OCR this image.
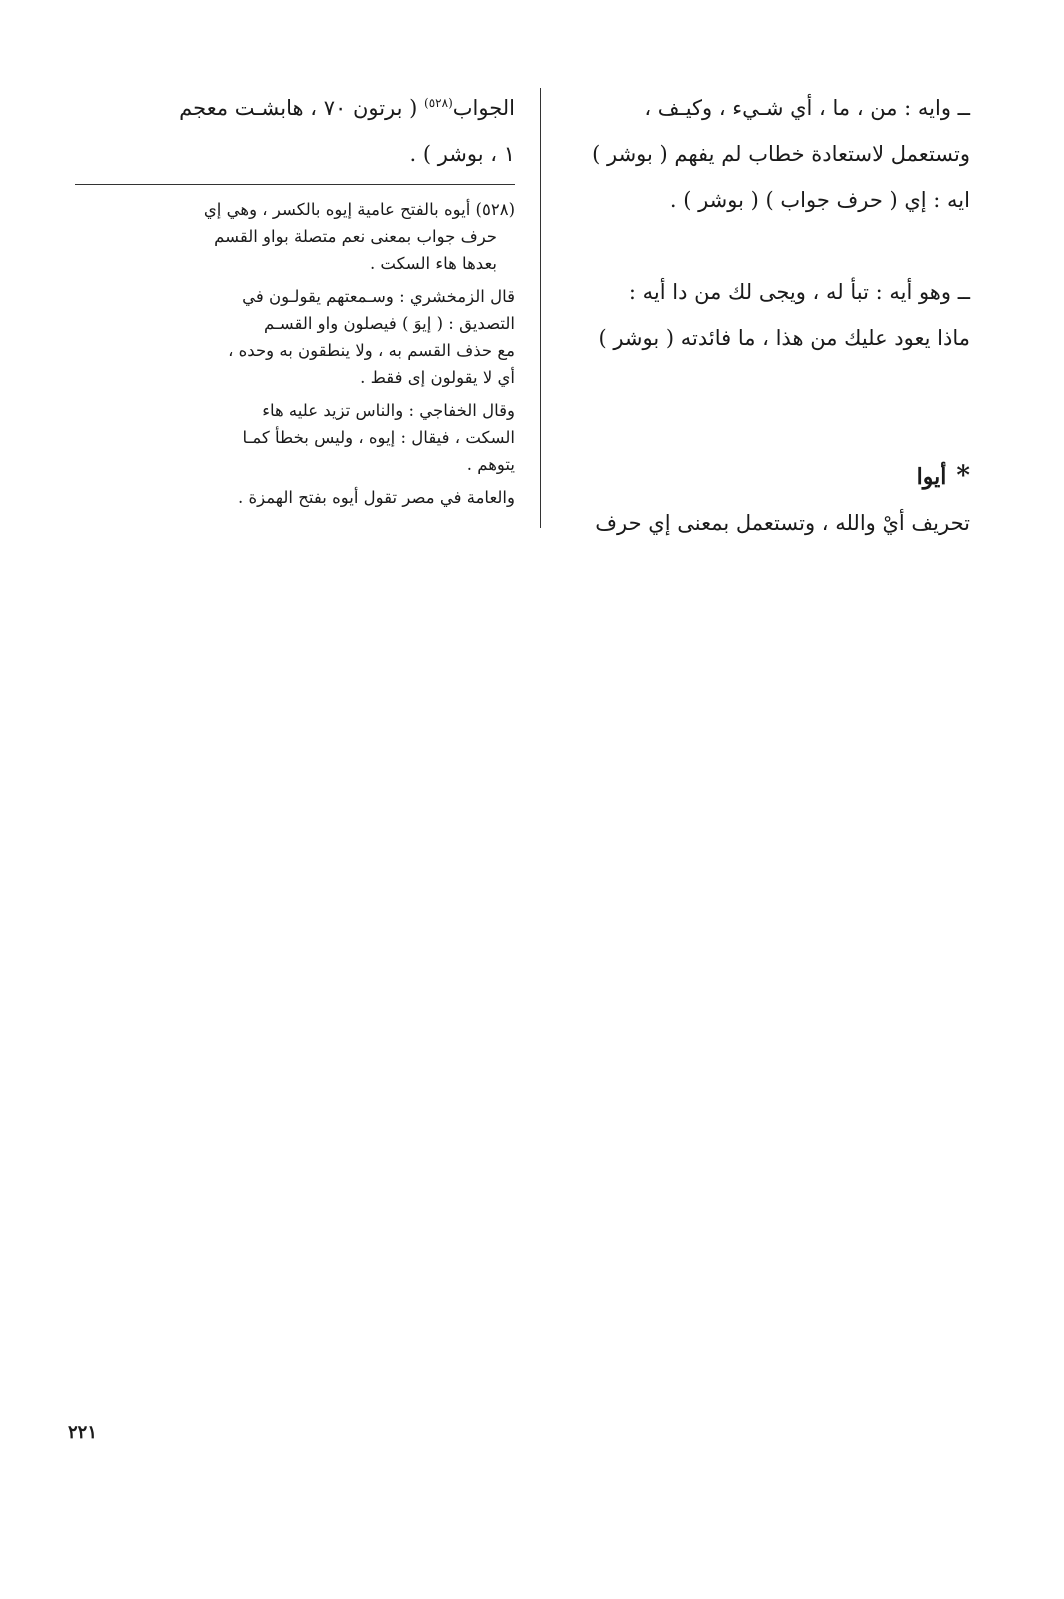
ــ وايه : من ، ما ، أي شـيء ، وكيـف ،
وتستعمل لاستعادة خطاب لم يفهم ( بوشر )
ايه : إي ( حرف جواب ) ( بوشر ) .
ــ وهو أيه : تبأ له ، ويجى لك من دا أيه :
ماذا يعود عليك من هذا ، ما فائدته ( بوشر )
*أيوا
تحريف أيْ والله ، وتستعمل بمعنى إي حرف
الجواب$^{(٥٢٨)}$ ( برتون ٧٠ ، هابشـت معجم
١ ، بوشر ) .
(٥٢٨) أيوه بالفتح عامية إيوه بالكسر ، وهي إي
حرف جواب بمعنى نعم متصلة بواو القسم
بعدها هاء السكت .
قال الزمخشري : وسـمعتهم يقولـون في
التصديق : ( إيوَ ) فيصلون واو القسـم
مع حذف القسم به ، ولا ينطقون به وحده ،
أي لا يقولون إى فقط .
وقال الخفاجي : والناس تزيد عليه هاء
السكت ، فيقال : إيوه ، وليس بخطأ كمـا
يتوهم .
والعامة في مصر تقول أيوه بفتح الهمزة .
٢٢١
